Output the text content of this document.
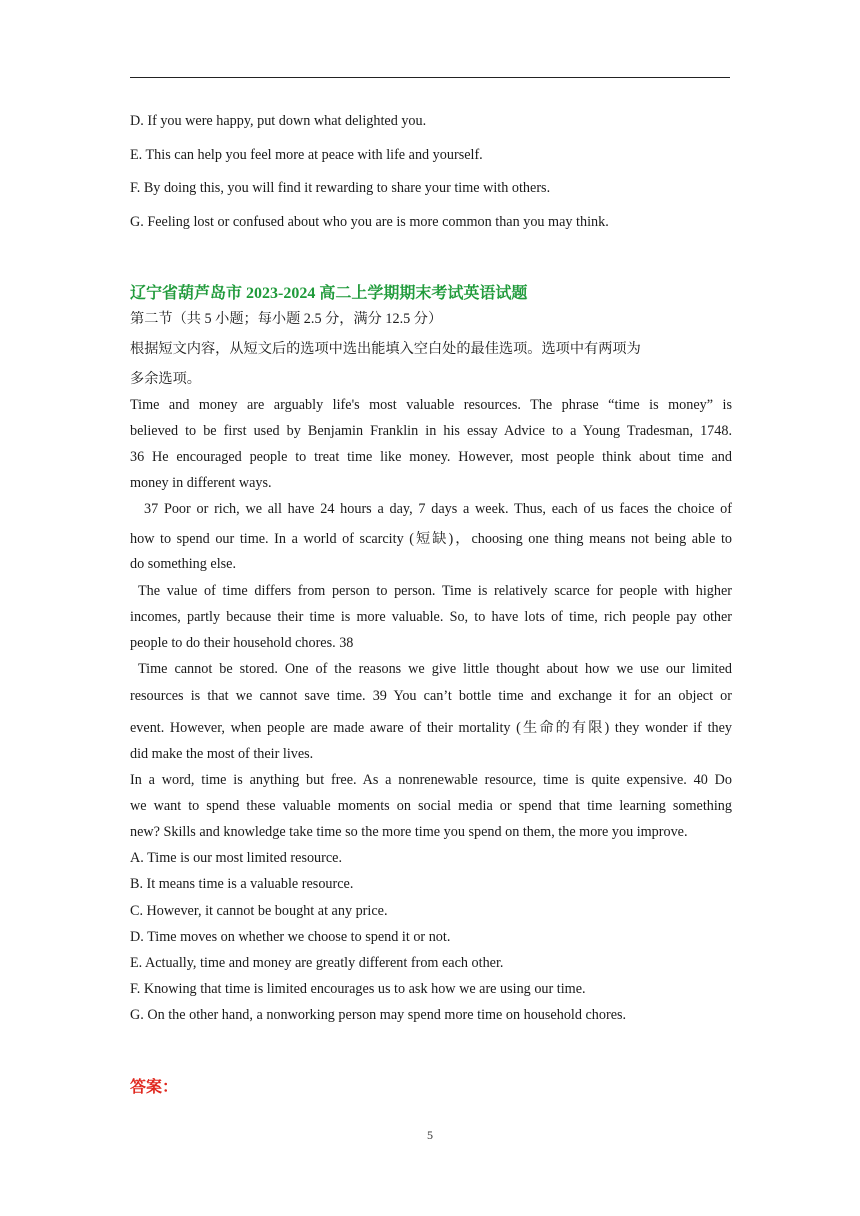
D. If you were happy, put down what delighted you.
E. This can help you feel more at peace with life and yourself.
F. By doing this, you will find it rewarding to share your time with others.
G. Feeling lost or confused about who you are is more common than you may think.
辽宁省葫芦岛市 2023-2024 高二上学期期末考试英语试题
第二节（共 5 小题；每小题 2.5 分，满分 12.5 分）
根据短文内容，从短文后的选项中选出能填入空白处的最佳选项。选项中有两项为
多余选项。
Time and money are arguably life's most valuable resources. The phrase “time is money” is
believed to be first used by Benjamin Franklin in his essay Advice to a Young Tradesman, 1748.
36 He encouraged people to treat time like money. However, most people think about time and
money in different ways.
37 Poor or rich, we all have 24 hours a day, 7 days a week. Thus, each of us faces the choice of
how to spend our time. In a world of scarcity (短缺)，choosing one thing means not being able to
do something else.
The value of time differs from person to person. Time is relatively scarce for people with higher
incomes, partly because their time is more valuable. So, to have lots of time, rich people pay other
people to do their household chores. 38
Time cannot be stored. One of the reasons we give little thought about how we use our limited
resources is that we cannot save time. 39 You can’t bottle time and exchange it for an object or
event. However, when people are made aware of their mortality (生命的有限) they wonder if they
did make the most of their lives.
In a word, time is anything but free. As a nonrenewable resource, time is quite expensive. 40 Do
we want to spend these valuable moments on social media or spend that time learning something
new? Skills and knowledge take time so the more time you spend on them, the more you improve.
A. Time is our most limited resource.
B. It means time is a valuable resource.
C. However, it cannot be bought at any price.
D. Time moves on whether we choose to spend it or not.
E. Actually, time and money are greatly different from each other.
F. Knowing that time is limited encourages us to ask how we are using our time.
G. On the other hand, a nonworking person may spend more time on household chores.
答案：
5
